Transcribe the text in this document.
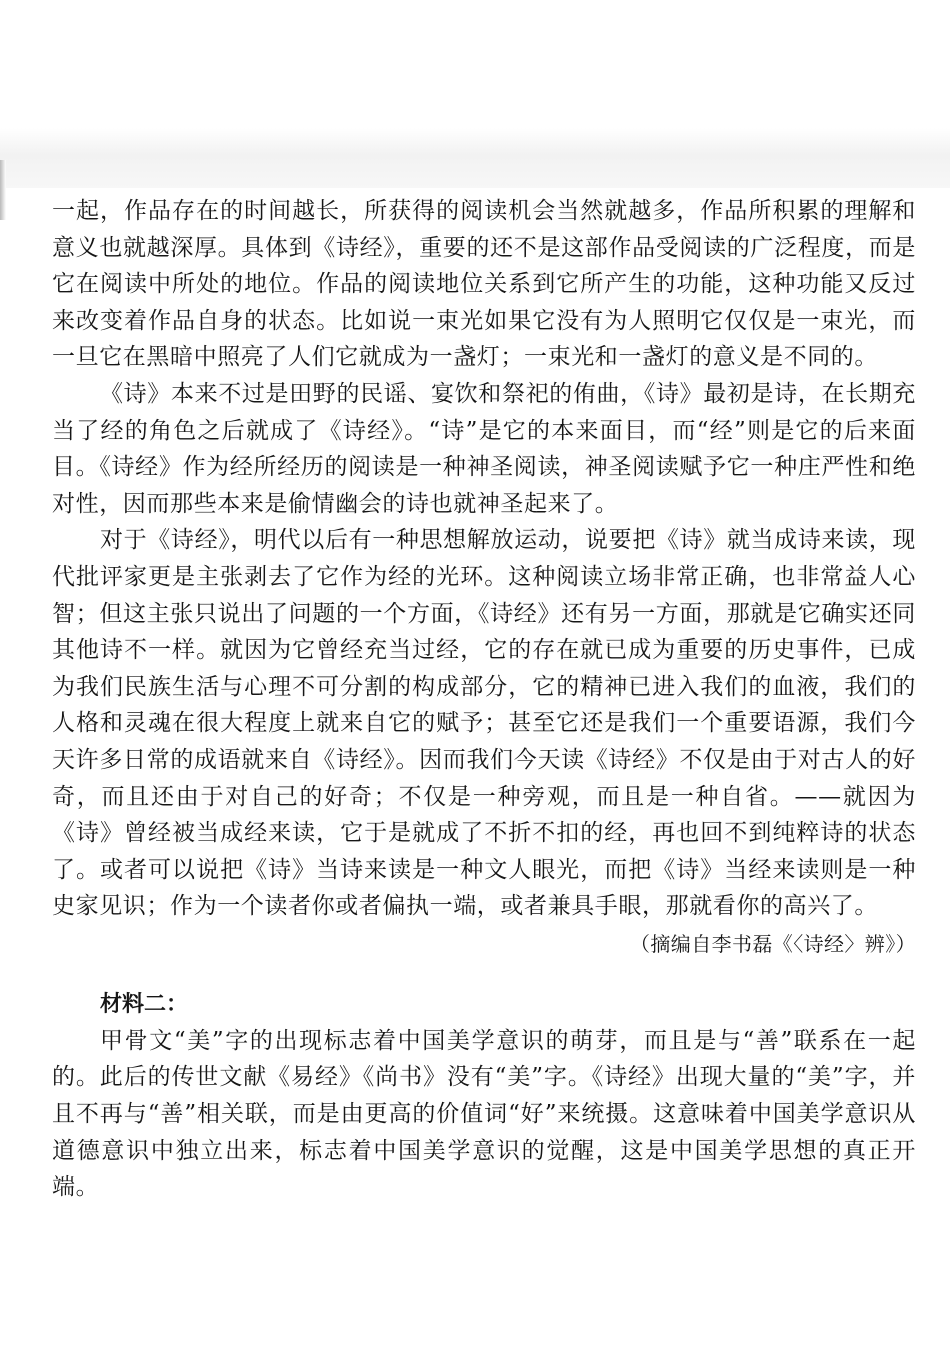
一起，作品存在的时间越长，所获得的阅读机会当然就越多，作品所积累的理解和意义也就越深厚。具体到《诗经》，重要的还不是这部作品受阅读的广泛程度，而是它在阅读中所处的地位。作品的阅读地位关系到它所产生的功能，这种功能又反过来改变着作品自身的状态。比如说一束光如果它没有为人照明它仅仅是一束光，而一旦它在黑暗中照亮了人们它就成为一盏灯；一束光和一盏灯的意义是不同的。

《诗》本来不过是田野的民谣、宴饮和祭祀的侑曲，《诗》最初是诗，在长期充当了经的角色之后就成了《诗经》。“诗”是它的本来面目，而“经”则是它的后来面目。《诗经》作为经所经历的阅读是一种神圣阅读，神圣阅读赋予它一种庄严性和绝对性，因而那些本来是偷情幽会的诗也就神圣起来了。

对于《诗经》，明代以后有一种思想解放运动，说要把《诗》就当成诗来读，现代批评家更是主张剥去了它作为经的光环。这种阅读立场非常正确，也非常益人心智；但这主张只说出了问题的一个方面，《诗经》还有另一方面，那就是它确实还同其他诗不一样。就因为它曾经充当过经，它的存在就已成为重要的历史事件，已成为我们民族生活与心理不可分割的构成部分，它的精神已进入我们的血液，我们的人格和灵魂在很大程度上就来自它的赋予；甚至它还是我们一个重要语源，我们今天许多日常的成语就来自《诗经》。因而我们今天读《诗经》不仅是由于对古人的好奇，而且还由于对自己的好奇；不仅是一种旁观，而且是一种自省。——就因为《诗》曾经被当成经来读，它于是就成了不折不扣的经，再也回不到纯粹诗的状态了。或者可以说把《诗》当诗来读是一种文人眼光，而把《诗》当经来读则是一种史家见识；作为一个读者你或者偏执一端，或者兼具手眼，那就看你的高兴了。

（摘编自李书磊《〈诗经〉辨》）

材料二：

甲骨文“美”字的出现标志着中国美学意识的萌芽，而且是与“善”联系在一起的。此后的传世文献《易经》《尚书》没有“美”字。《诗经》出现大量的“美”字，并且不再与“善”相关联，而是由更高的价值词“好”来统摄。这意味着中国美学意识从道德意识中独立出来，标志着中国美学意识的觉醒，这是中国美学思想的真正开端。
